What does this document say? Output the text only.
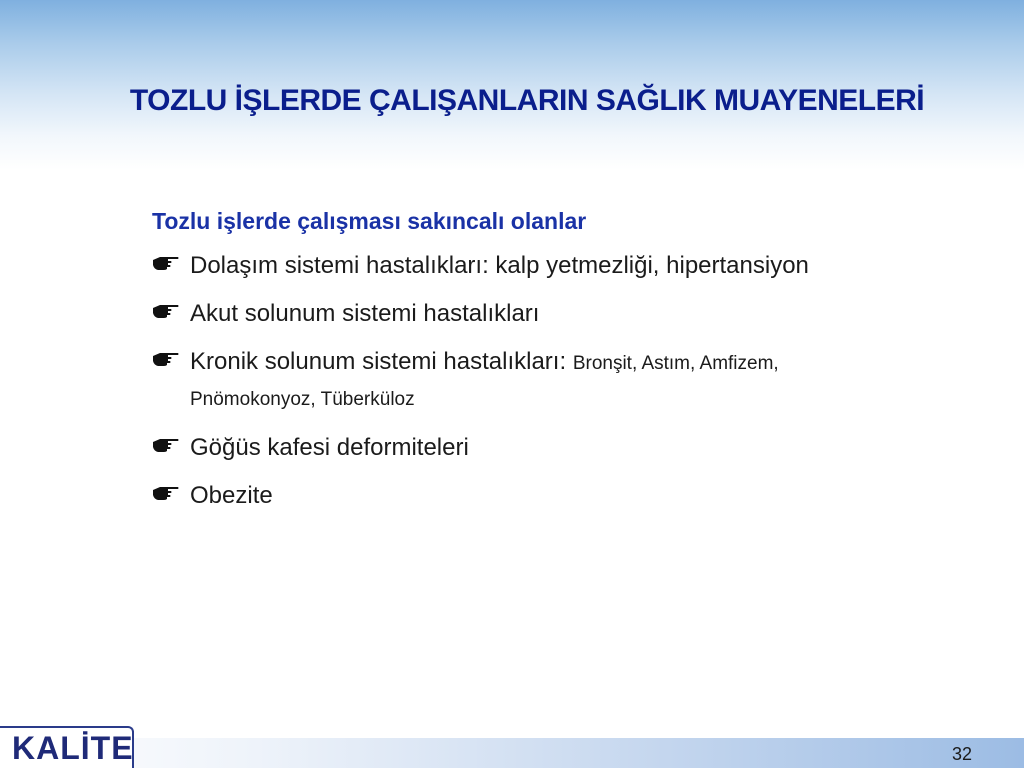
TOZLU İŞLERDE ÇALIŞANLARIN SAĞLIK MUAYENELERİ
Tozlu işlerde çalışması sakıncalı olanlar
Dolaşım sistemi hastalıkları: kalp yetmezliği, hipertansiyon
Akut solunum sistemi hastalıkları
Kronik solunum sistemi hastalıkları: Bronşit, Astım, Amfizem, Pnömokonyoz, Tüberküloz
Göğüs kafesi deformiteleri
Obezite
KALİTE	32
